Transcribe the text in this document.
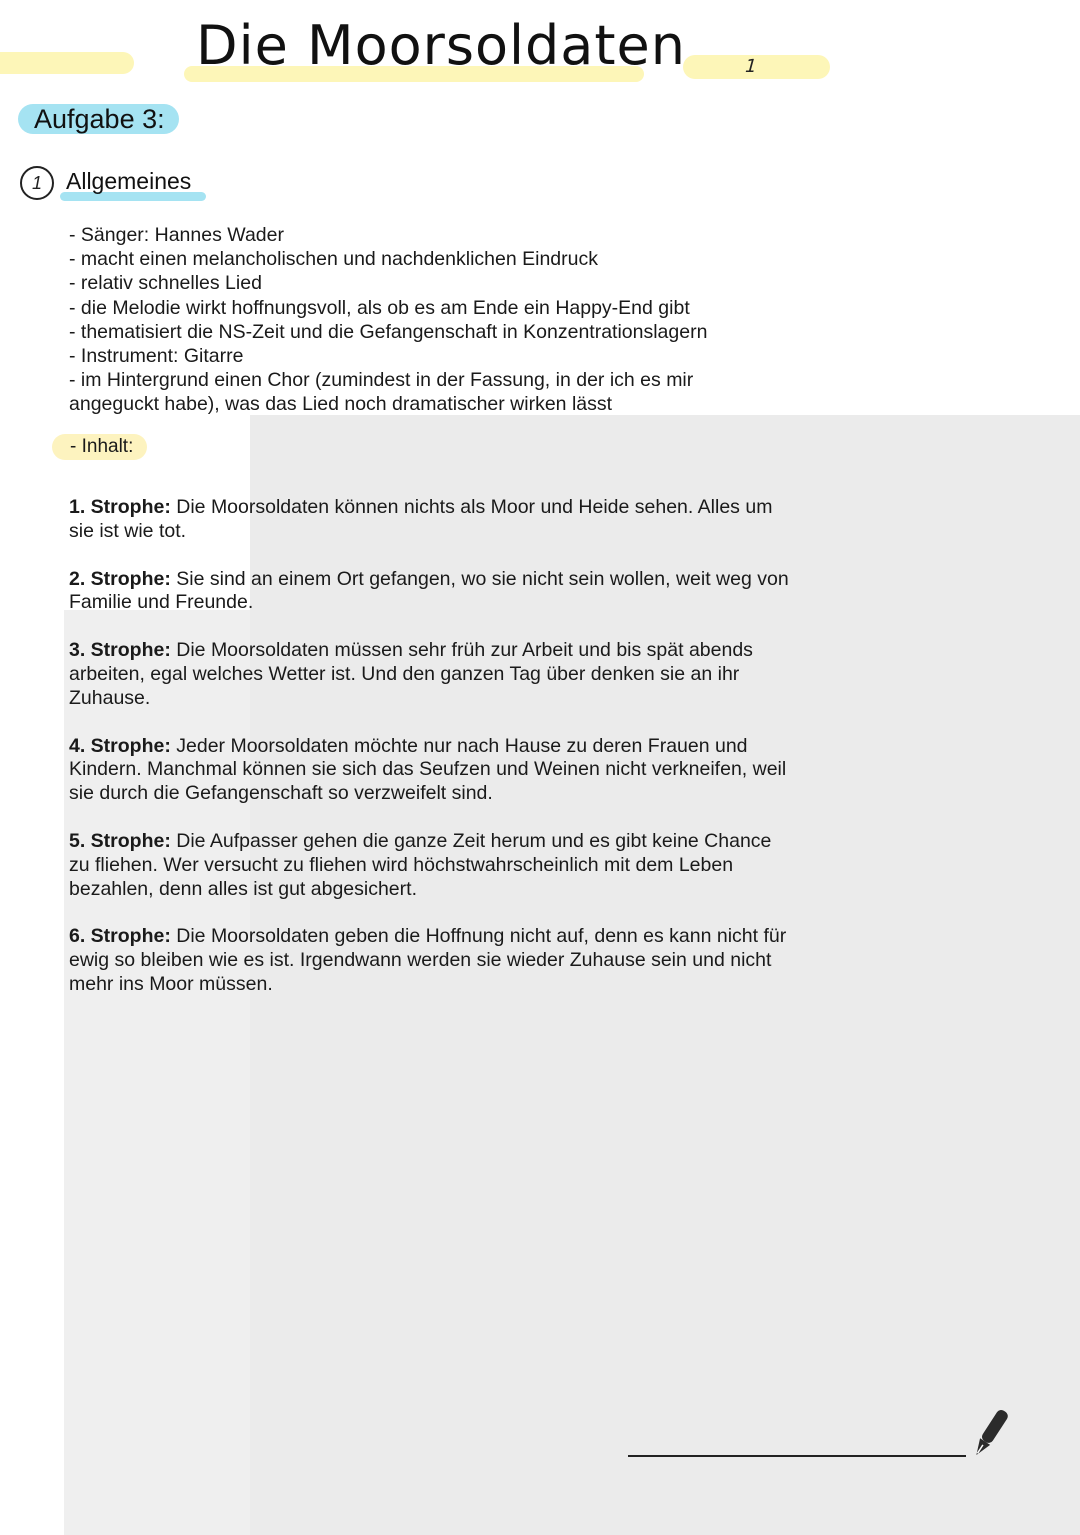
Die Moorsoldaten	1
Aufgabe 3:
1	Allgemeines
- Sänger: Hannes Wader
- macht einen melancholischen und nachdenklichen Eindruck
- relativ schnelles Lied
- die Melodie wirkt hoffnungsvoll, als ob es am Ende ein Happy-End gibt
- thematisiert die NS-Zeit und die Gefangenschaft in Konzentrationslagern
- Instrument: Gitarre
- im Hintergrund einen Chor (zumindest in der Fassung, in der ich es mir angeguckt habe), was das Lied noch dramatischer wirken lässt
- Inhalt:

1. Strophe: Die Moorsoldaten können nichts als Moor und Heide sehen. Alles um sie ist wie tot.

2. Strophe: Sie sind an einem Ort gefangen, wo sie nicht sein wollen, weit weg von Familie und Freunde.

3. Strophe: Die Moorsoldaten müssen sehr früh zur Arbeit und bis spät abends arbeiten, egal welches Wetter ist. Und den ganzen Tag über denken sie an ihr Zuhause.

4. Strophe: Jeder Moorsoldaten möchte nur nach Hause zu deren Frauen und Kindern. Manchmal können sie sich das Seufzen und Weinen nicht verkneifen, weil sie durch die Gefangenschaft so verzweifelt sind.

5. Strophe: Die Aufpasser gehen die ganze Zeit herum und es gibt keine Chance zu fliehen. Wer versucht zu fliehen wird höchstwahrscheinlich mit dem Leben bezahlen, denn alles ist gut abgesichert.

6. Strophe: Die Moorsoldaten geben die Hoffnung nicht auf, denn es kann nicht für ewig so bleiben wie es ist. Irgendwann werden sie wieder Zuhause sein und nicht mehr ins Moor müssen.
